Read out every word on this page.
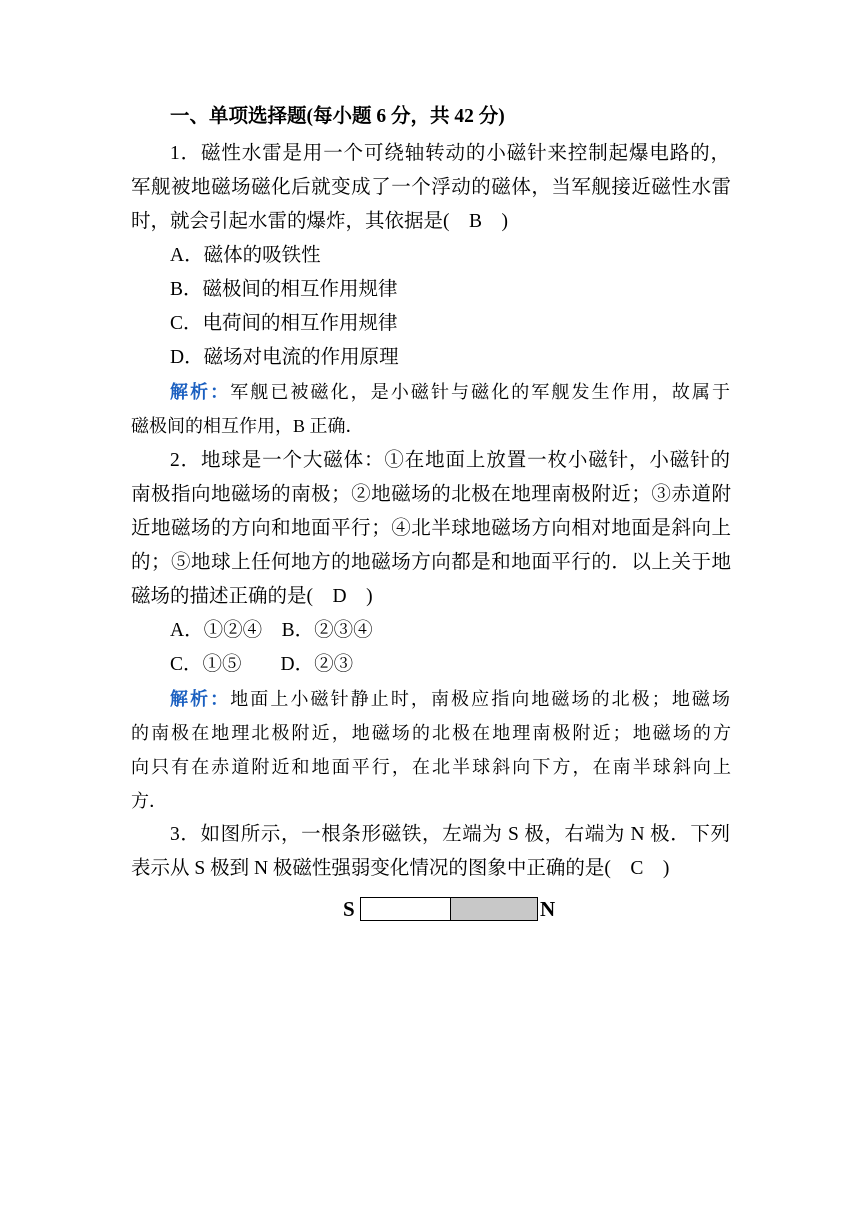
一、单项选择题(每小题 6 分，共 42 分)
1．磁性水雷是用一个可绕轴转动的小磁针来控制起爆电路的，
军舰被地磁场磁化后就变成了一个浮动的磁体，当军舰接近磁性水雷
时，就会引起水雷的爆炸，其依据是(　B　)
A．磁体的吸铁性
B．磁极间的相互作用规律
C．电荷间的相互作用规律
D．磁场对电流的作用原理
解析：军舰已被磁化，是小磁针与磁化的军舰发生作用，故属于
磁极间的相互作用，B 正确．
2．地球是一个大磁体：①在地面上放置一枚小磁针，小磁针的
南极指向地磁场的南极；②地磁场的北极在地理南极附近；③赤道附
近地磁场的方向和地面平行；④北半球地磁场方向相对地面是斜向上
的；⑤地球上任何地方的地磁场方向都是和地面平行的．以上关于地
磁场的描述正确的是(　D　)
A．①②④　B．②③④
C．①⑤　　D．②③
解析：地面上小磁针静止时，南极应指向地磁场的北极；地磁场
的南极在地理北极附近，地磁场的北极在地理南极附近；地磁场的方
向只有在赤道附近和地面平行，在北半球斜向下方，在南半球斜向上
方．
3．如图所示，一根条形磁铁，左端为 S 极，右端为 N 极．下列
表示从 S 极到 N 极磁性强弱变化情况的图象中正确的是(　C　)
S	N
